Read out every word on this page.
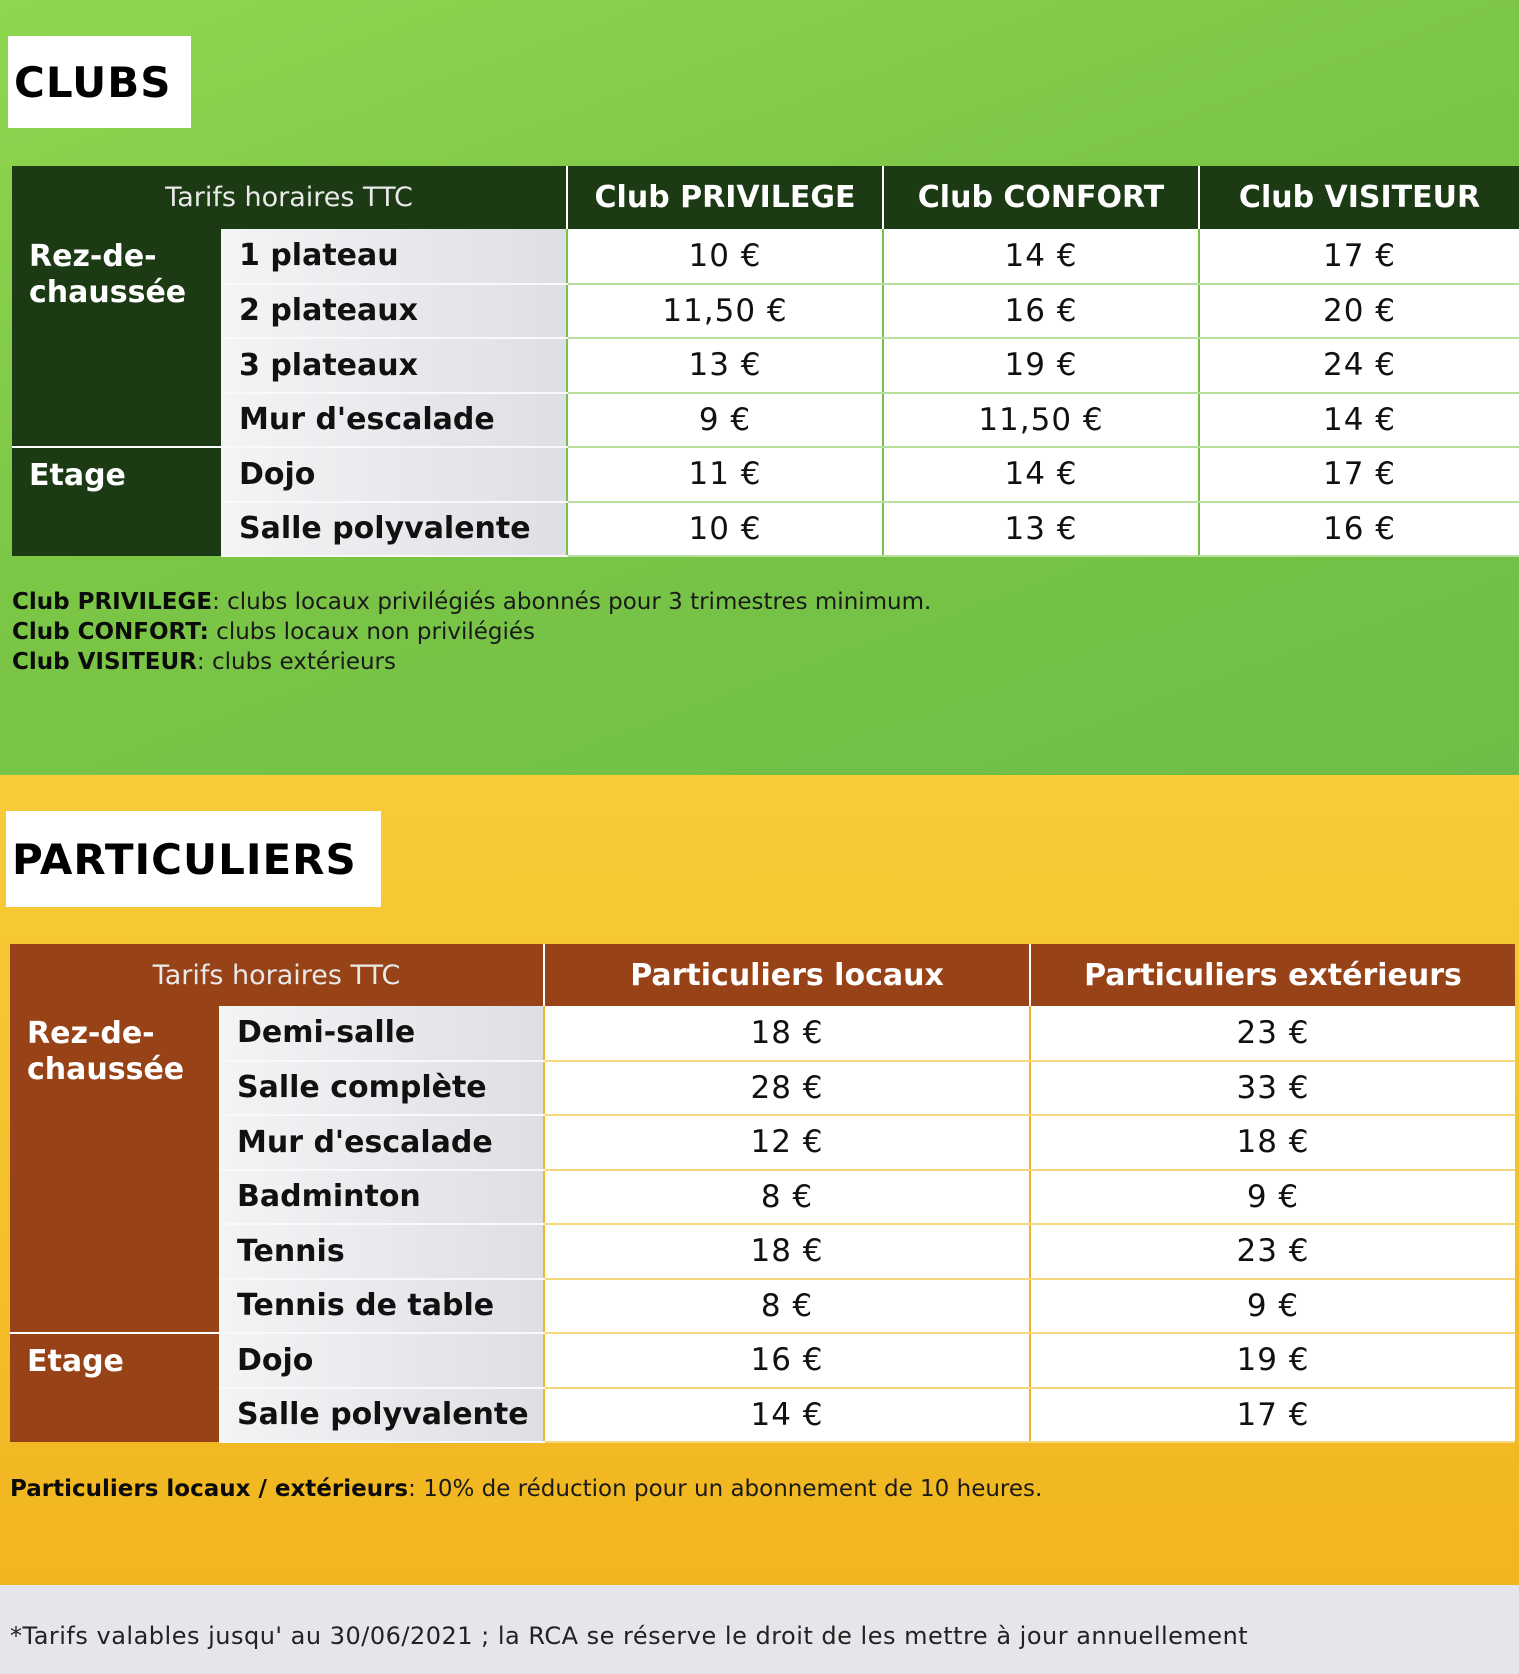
CLUBS
Tarifs horaires TTC		Club PRIVILEGE	Club CONFORT	Club VISITEUR
Rez-de-
chaussée	1 plateau	10 €	14 €	17 €
	2 plateaux	11,50 €	16 €	20 €
	3 plateaux	13 €	19 €	24 €
	Mur d'escalade	9 €	11,50 €	14 €
Etage	Dojo	11 €	14 €	17 €
	Salle polyvalente	10 €	13 €	16 €
Club PRIVILEGE: clubs locaux privilégiés abonnés pour 3 trimestres minimum.
Club CONFORT: clubs locaux non privilégiés
Club VISITEUR: clubs extérieurs
PARTICULIERS
Tarifs horaires TTC		Particuliers locaux	Particuliers extérieurs
Rez-de-
chaussée	Demi-salle	18 €	23 €
	Salle complète	28 €	33 €
	Mur d'escalade	12 €	18 €
	Badminton	8 €	9 €
	Tennis	18 €	23 €
	Tennis de table	8 €	9 €
Etage	Dojo	16 €	19 €
	Salle polyvalente	14 €	17 €
Particuliers locaux / extérieurs: 10% de réduction pour un abonnement de 10 heures.
*Tarifs valables jusqu' au 30/06/2021 ; la RCA se réserve le droit de les mettre à jour annuellement
